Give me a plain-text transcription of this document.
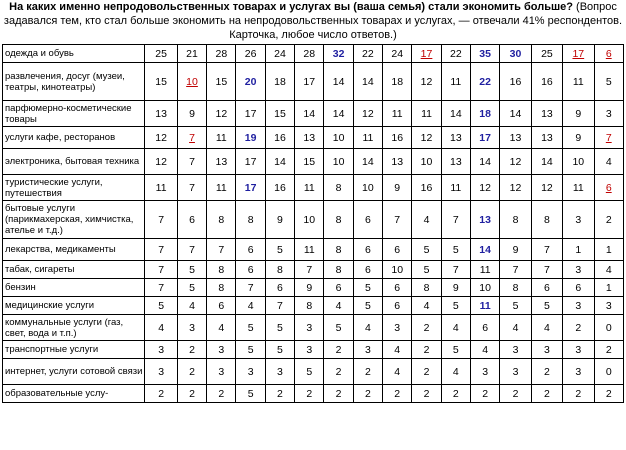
На каких именно непродовольственных товарах и услугах вы (ваша семья) стали экономить больше? (Вопрос задавался тем, кто стал больше экономить на непродовольственных товарах и услугах, — отвечали 41% респондентов. Карточка, любое число ответов.)
одежда и обувь	25	21	28	26	24	28	32	22	24	17	22	35	30	25	17	6
развлечения, досуг (музеи, театры, кинотеатры)	15	10	15	20	18	17	14	14	18	12	11	22	16	16	11	5
парфюмерно-косметические товары	13	9	12	17	15	14	14	12	11	11	14	18	14	13	9	3
услуги кафе, ресторанов	12	7	11	19	16	13	10	11	16	12	13	17	13	13	9	7
электроника, бытовая техника	12	7	13	17	14	15	10	14	13	10	13	14	12	14	10	4
туристические услуги, путешествия	11	7	11	17	16	11	8	10	9	16	11	12	12	12	11	6
бытовые услуги (парикмахерская, химчистка, ателье и т.д.)	7	6	8	8	9	10	8	6	7	4	7	13	8	8	3	2
лекарства, медикаменты	7	7	7	6	5	11	8	6	6	5	5	14	9	7	1	1
табак, сигареты	7	5	8	6	8	7	8	6	10	5	7	11	7	7	3	4
бензин	7	5	8	7	6	9	6	5	6	8	9	10	8	6	6	1
медицинские услуги	5	4	6	4	7	8	4	5	6	4	5	11	5	5	3	3
коммунальные услуги (газ, свет, вода и т.п.)	4	3	4	5	5	3	5	4	3	2	4	6	4	4	2	0
транспортные услуги	3	2	3	5	5	3	2	3	4	2	5	4	3	3	3	2
интернет, услуги сотовой связи	3	2	3	3	3	5	2	2	4	2	4	3	3	2	3	0
образовательные услу-	2	2	2	5	2	2	2	2	2	2	2	2	2	2	2	2
